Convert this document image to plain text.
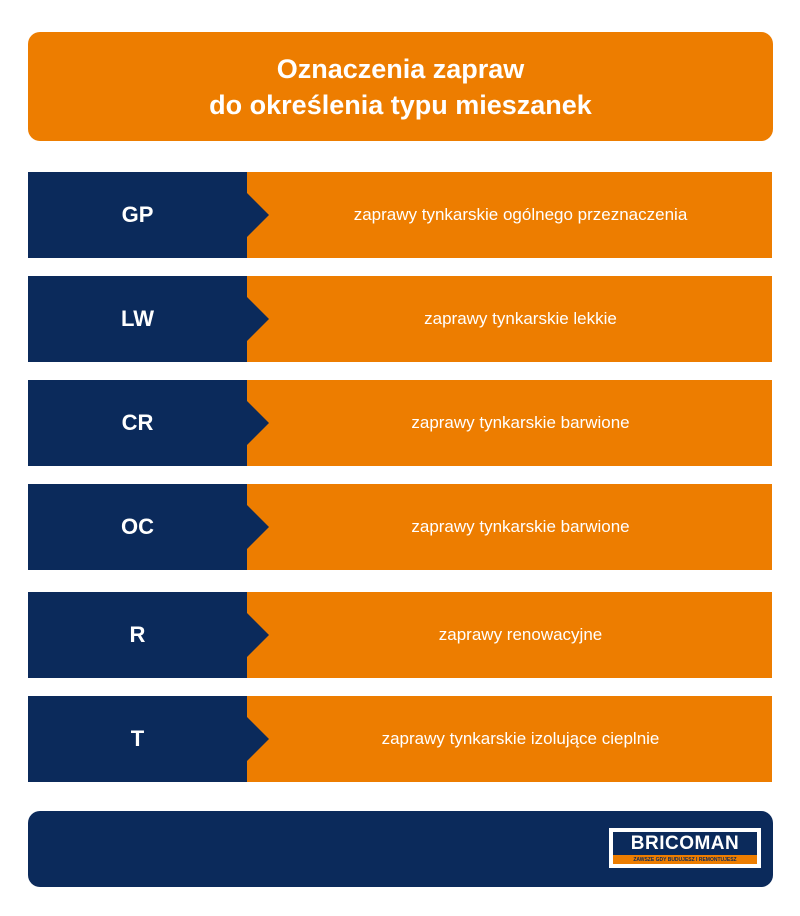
Oznaczenia zapraw
do określenia typu mieszanek
GP	zaprawy tynkarskie ogólnego przeznaczenia
LW	zaprawy tynkarskie lekkie
CR	zaprawy tynkarskie barwione
OC	zaprawy tynkarskie barwione
R	zaprawy renowacyjne
T	zaprawy tynkarskie izolujące cieplnie
BRICOMAN
ZAWSZE GDY BUDUJESZ I REMONTUJESZ
